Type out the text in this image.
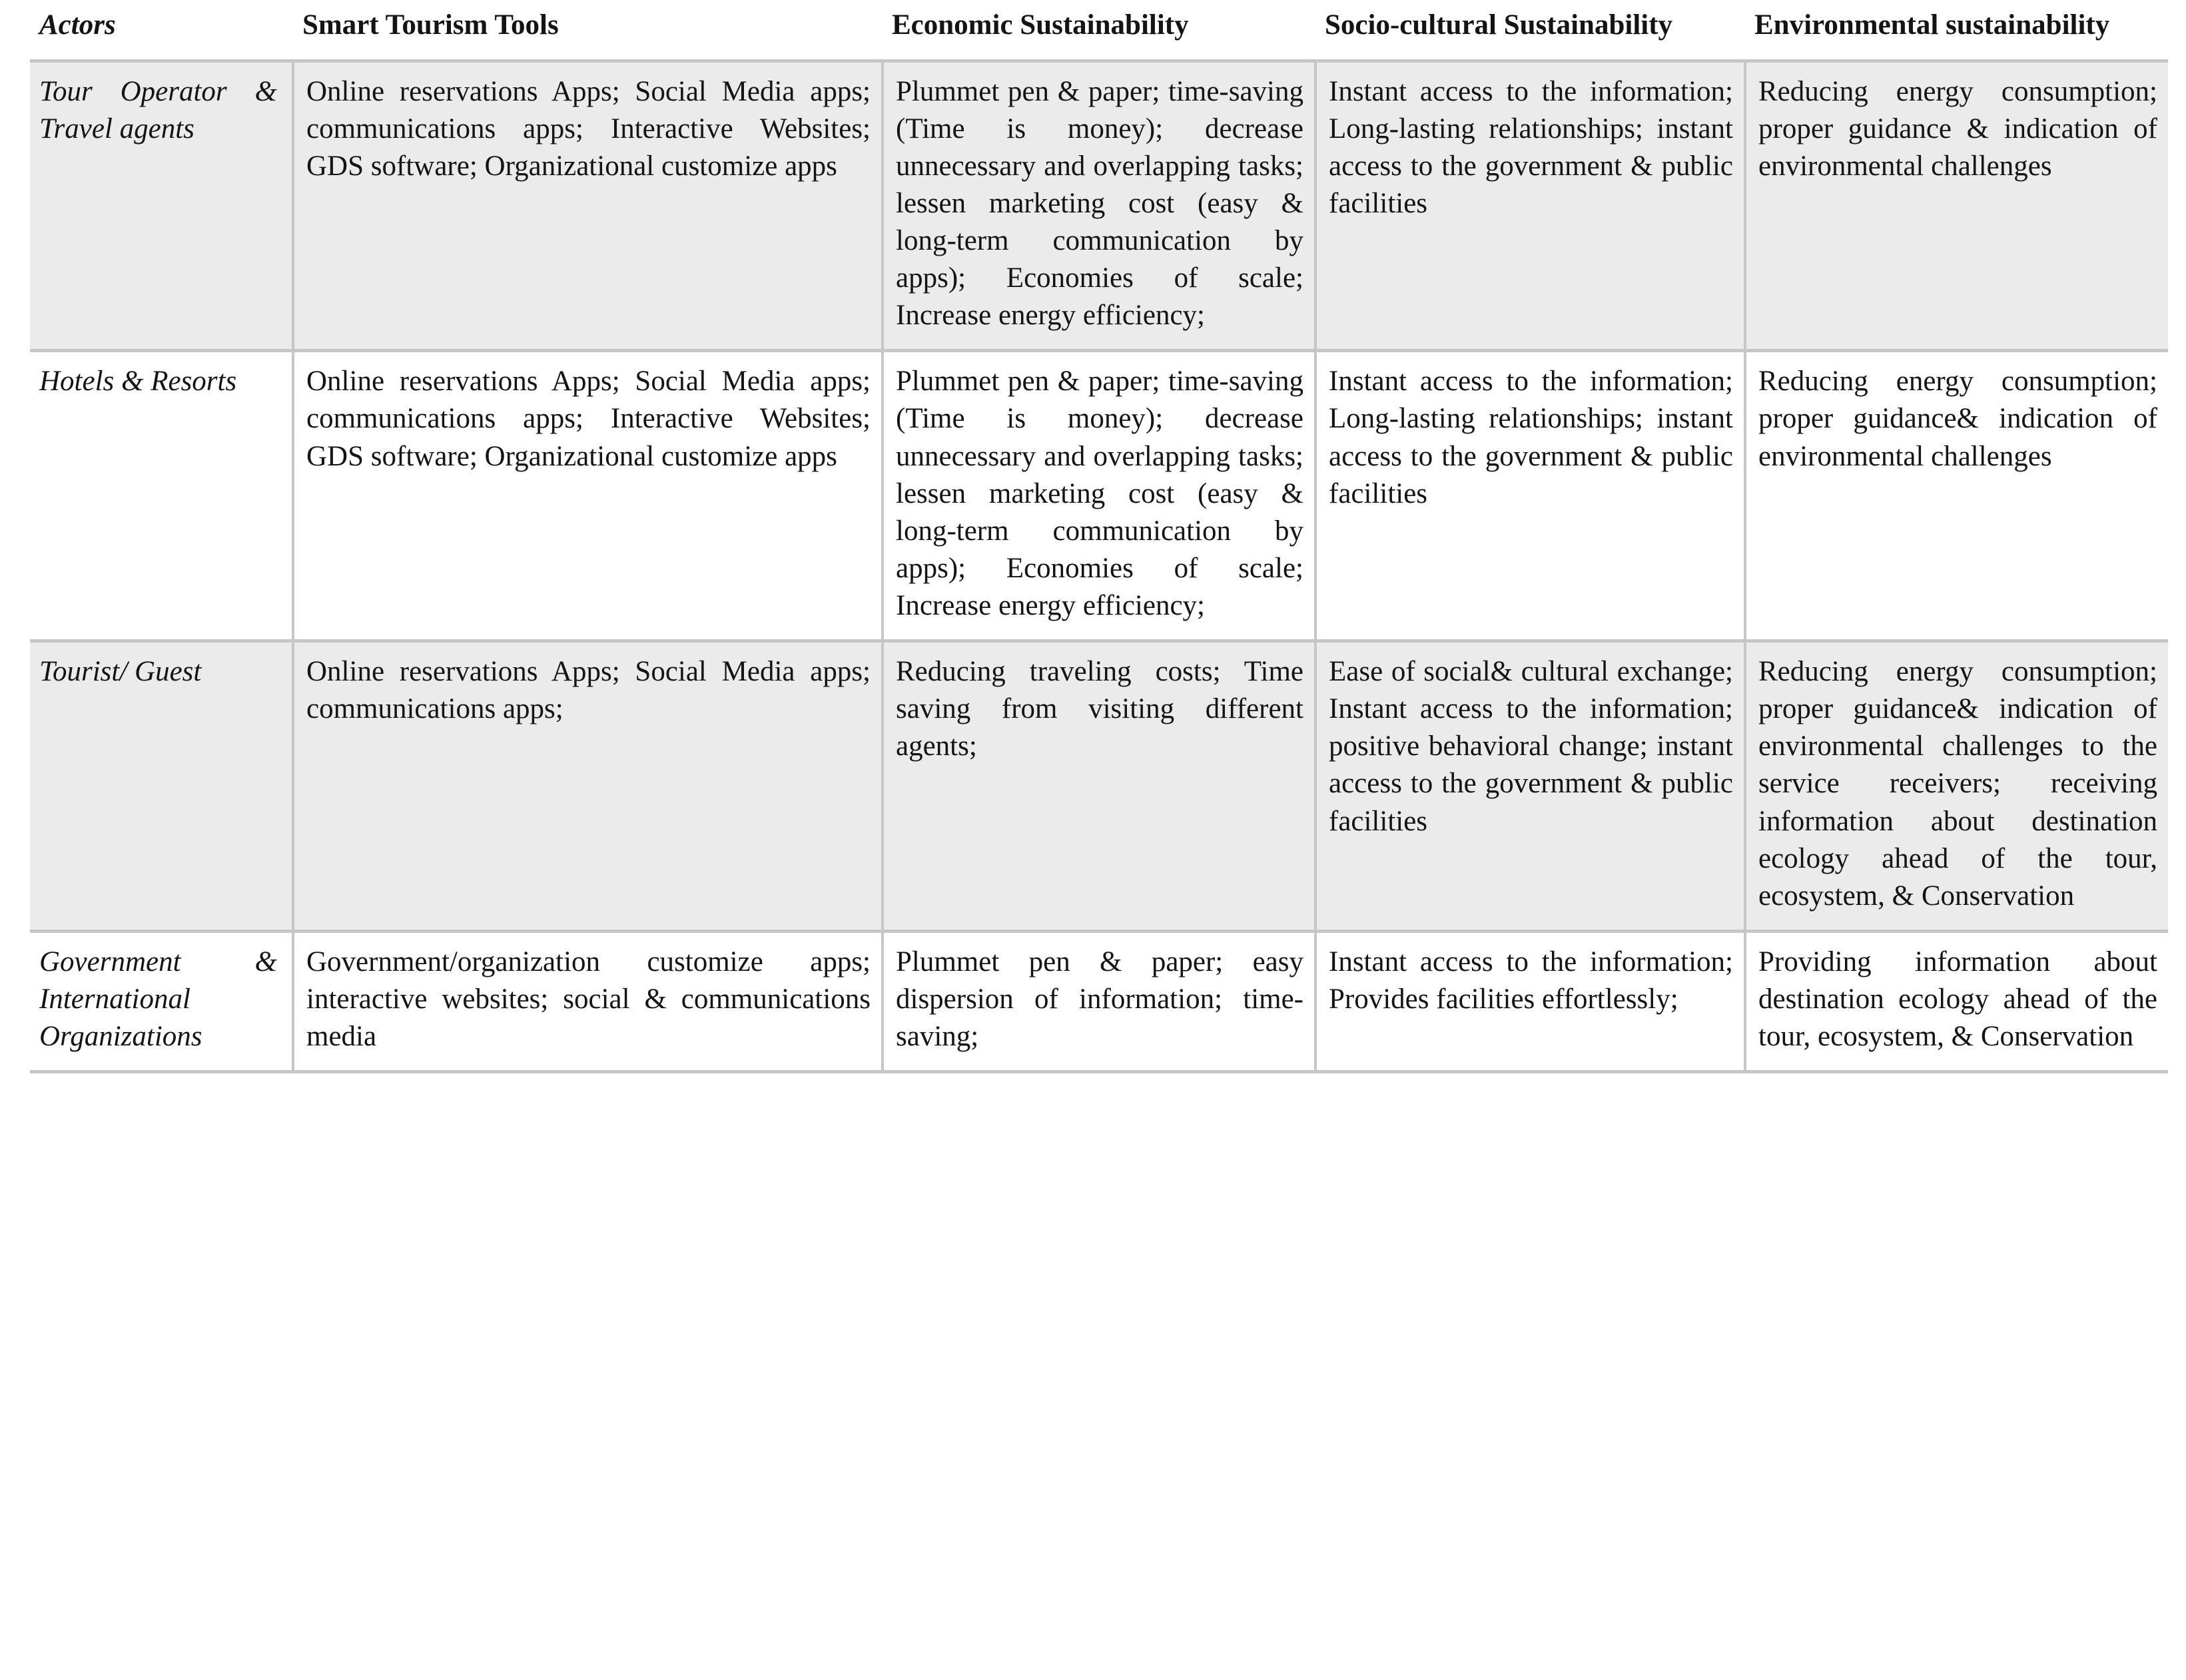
Actors	Smart Tourism Tools	Economic Sustainability	Socio-cultural Sustainability	Environmental sustainability

Tour Operator & Travel agents	Online reservations Apps; Social Media apps; communications apps; Interactive Websites; GDS software; Organizational customize apps	Plummet pen & paper; time-saving (Time is money); decrease unnecessary and overlapping tasks; lessen marketing cost (easy & long-term communication by apps); Economies of scale; Increase energy efficiency;	Instant access to the information; Long-lasting relationships; instant access to the government & public facilities	Reducing energy consumption; proper guidance & indication of environmental challenges

Hotels & Resorts	Online reservations Apps; Social Media apps; communications apps; Interactive Websites; GDS software; Organizational customize apps	Plummet pen & paper; time-saving (Time is money); decrease unnecessary and overlapping tasks; lessen marketing cost (easy & long-term communication by apps); Economies of scale; Increase energy efficiency;	Instant access to the information; Long-lasting relationships; instant access to the government & public facilities	Reducing energy consumption; proper guidance& indication of environmental challenges

Tourist/ Guest	Online reservations Apps; Social Media apps; communications apps;	Reducing traveling costs; Time saving from visiting different agents;	Ease of social& cultural exchange; Instant access to the information; positive behavioral change; instant access to the government & public facilities	Reducing energy consumption; proper guidance& indication of environmental challenges to the service receivers; receiving information about destination ecology ahead of the tour, ecosystem, & Conservation

Government & International Organizations	Government/organization customize apps; interactive websites; social & communications media	Plummet pen & paper; easy dispersion of information; time-saving;	Instant access to the information; Provides facilities effortlessly;	Providing information about destination ecology ahead of the tour, ecosystem, & Conservation
